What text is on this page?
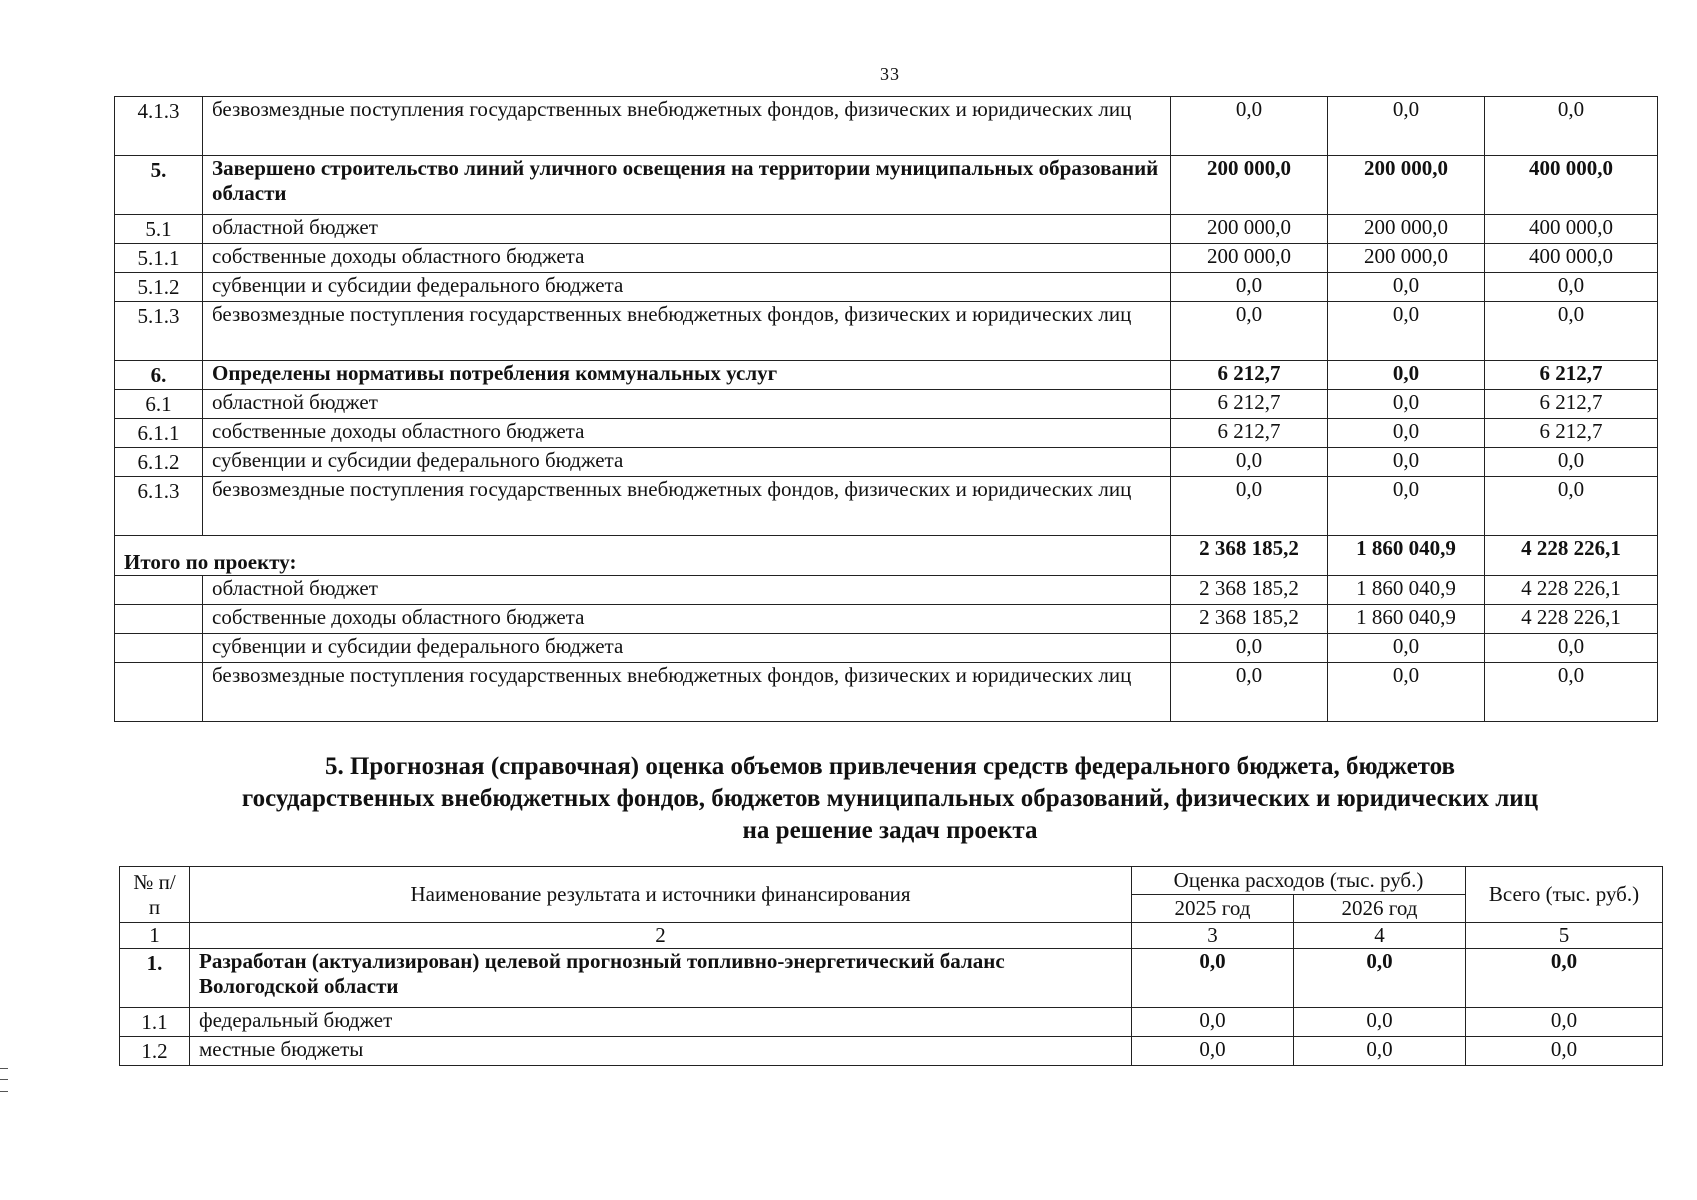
33
4.1.3	безвозмездные поступления государственных внебюджетных фондов, физических и юридических лиц	0,0	0,0	0,0
5.	Завершено строительство линий уличного освещения на территории муниципальных образований области	200 000,0	200 000,0	400 000,0
5.1	областной бюджет	200 000,0	200 000,0	400 000,0
5.1.1	собственные доходы областного бюджета	200 000,0	200 000,0	400 000,0
5.1.2	субвенции и субсидии федерального бюджета	0,0	0,0	0,0
5.1.3	безвозмездные поступления государственных внебюджетных фондов, физических и юридических лиц	0,0	0,0	0,0
6.	Определены нормативы потребления коммунальных услуг	6 212,7	0,0	6 212,7
6.1	областной бюджет	6 212,7	0,0	6 212,7
6.1.1	собственные доходы областного бюджета	6 212,7	0,0	6 212,7
6.1.2	субвенции и субсидии федерального бюджета	0,0	0,0	0,0
6.1.3	безвозмездные поступления государственных внебюджетных фондов, физических и юридических лиц	0,0	0,0	0,0
Итого по проекту:		2 368 185,2	1 860 040,9	4 228 226,1
	областной бюджет	2 368 185,2	1 860 040,9	4 228 226,1
	собственные доходы областного бюджета	2 368 185,2	1 860 040,9	4 228 226,1
	субвенции и субсидии федерального бюджета	0,0	0,0	0,0
	безвозмездные поступления государственных внебюджетных фондов, физических и юридических лиц	0,0	0,0	0,0
5. Прогнозная (справочная) оценка объемов привлечения средств федерального бюджета, бюджетов государственных внебюджетных фондов, бюджетов муниципальных образований, физических и юридических лиц на решение задач проекта
№ п/п	Наименование результата и источники финансирования	Оценка расходов (тыс. руб.)		Всего (тыс. руб.)
		2025 год	2026 год	
1	2	3	4	5
1.	Разработан (актуализирован) целевой прогнозный топливно-энергетический баланс Вологодской области	0,0	0,0	0,0
1.1	федеральный бюджет	0,0	0,0	0,0
1.2	местные бюджеты	0,0	0,0	0,0
